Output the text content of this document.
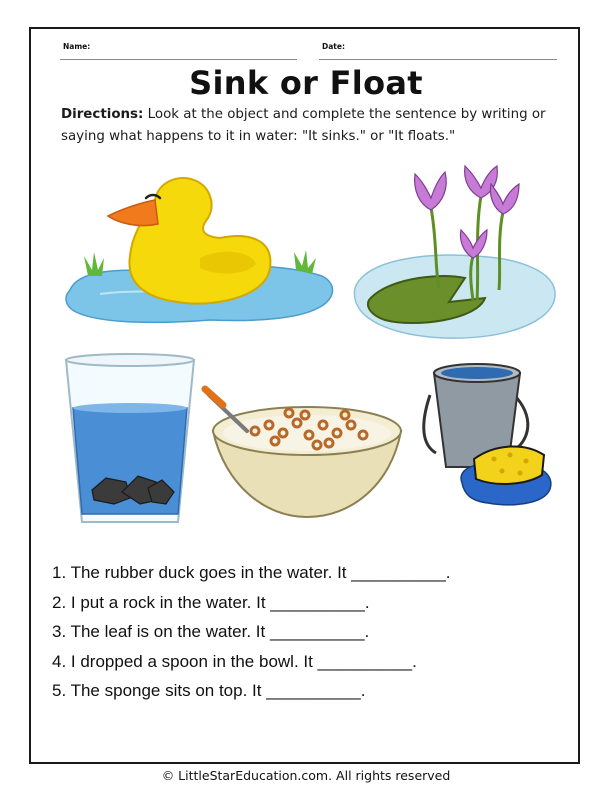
Name:	Date:
Sink or Float
Directions: Look at the object and complete the sentence by writing or saying what happens to it in water: "It sinks." or "It floats."
1. The rubber duck goes in the water. It __________.
2. I put a rock in the water. It __________.
3. The leaf is on the water. It __________.
4. I dropped a spoon in the bowl. It __________.
5. The sponge sits on top. It __________.
© LittleStarEducation.com. All rights reserved
